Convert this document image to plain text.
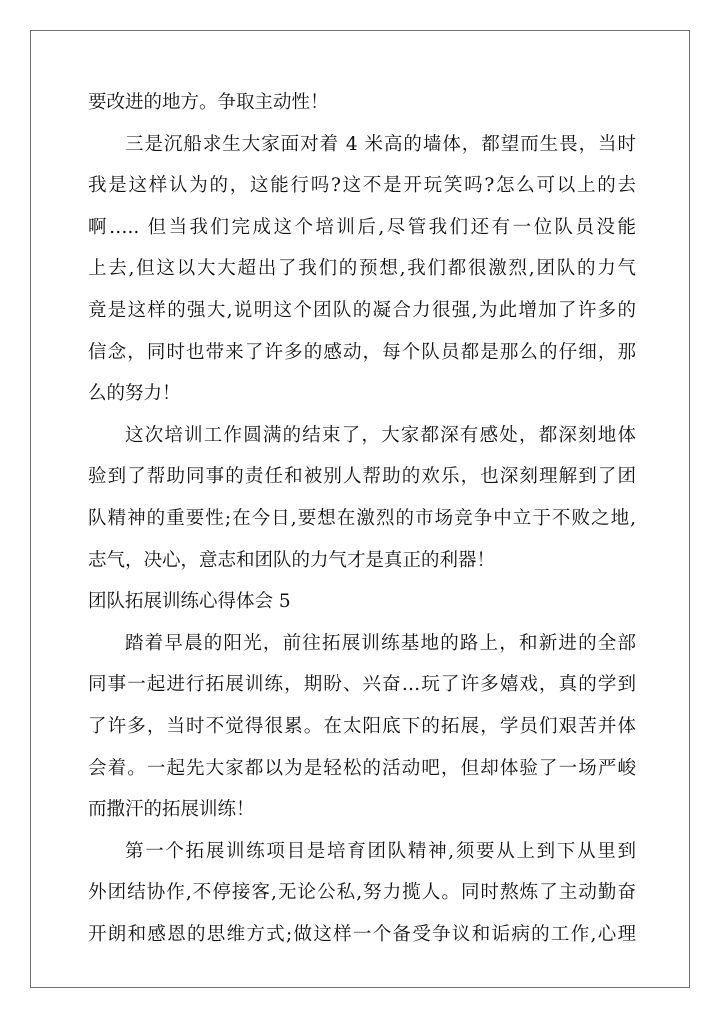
要改进的地方。争取主动性！
三是沉船求生大家面对着 4 米高的墙体，都望而生畏，当时
我是这样认为的，这能行吗?这不是开玩笑吗?怎么可以上的去
啊….. 但当我们完成这个培训后,尽管我们还有一位队员没能
上去,但这以大大超出了我们的预想,我们都很激烈,团队的力气
竟是这样的强大,说明这个团队的凝合力很强,为此增加了许多的
信念，同时也带来了许多的感动，每个队员都是那么的仔细，那
么的努力！
这次培训工作圆满的结束了，大家都深有感处，都深刻地体
验到了帮助同事的责任和被别人帮助的欢乐，也深刻理解到了团
队精神的重要性;在今日,要想在激烈的市场竞争中立于不败之地,
志气，决心，意志和团队的力气才是真正的利器！
团队拓展训练心得体会 5
踏着早晨的阳光，前往拓展训练基地的路上，和新进的全部
同事一起进行拓展训练，期盼、兴奋…玩了许多嬉戏，真的学到
了许多，当时不觉得很累。在太阳底下的拓展，学员们艰苦并体
会着。一起先大家都以为是轻松的活动吧，但却体验了一场严峻
而撒汗的拓展训练！
第一个拓展训练项目是培育团队精神,须要从上到下从里到
外团结协作,不停接客,无论公私,努力揽人。同时熬炼了主动勤奋
开朗和感恩的思维方式;做这样一个备受争议和诟病的工作,心理
